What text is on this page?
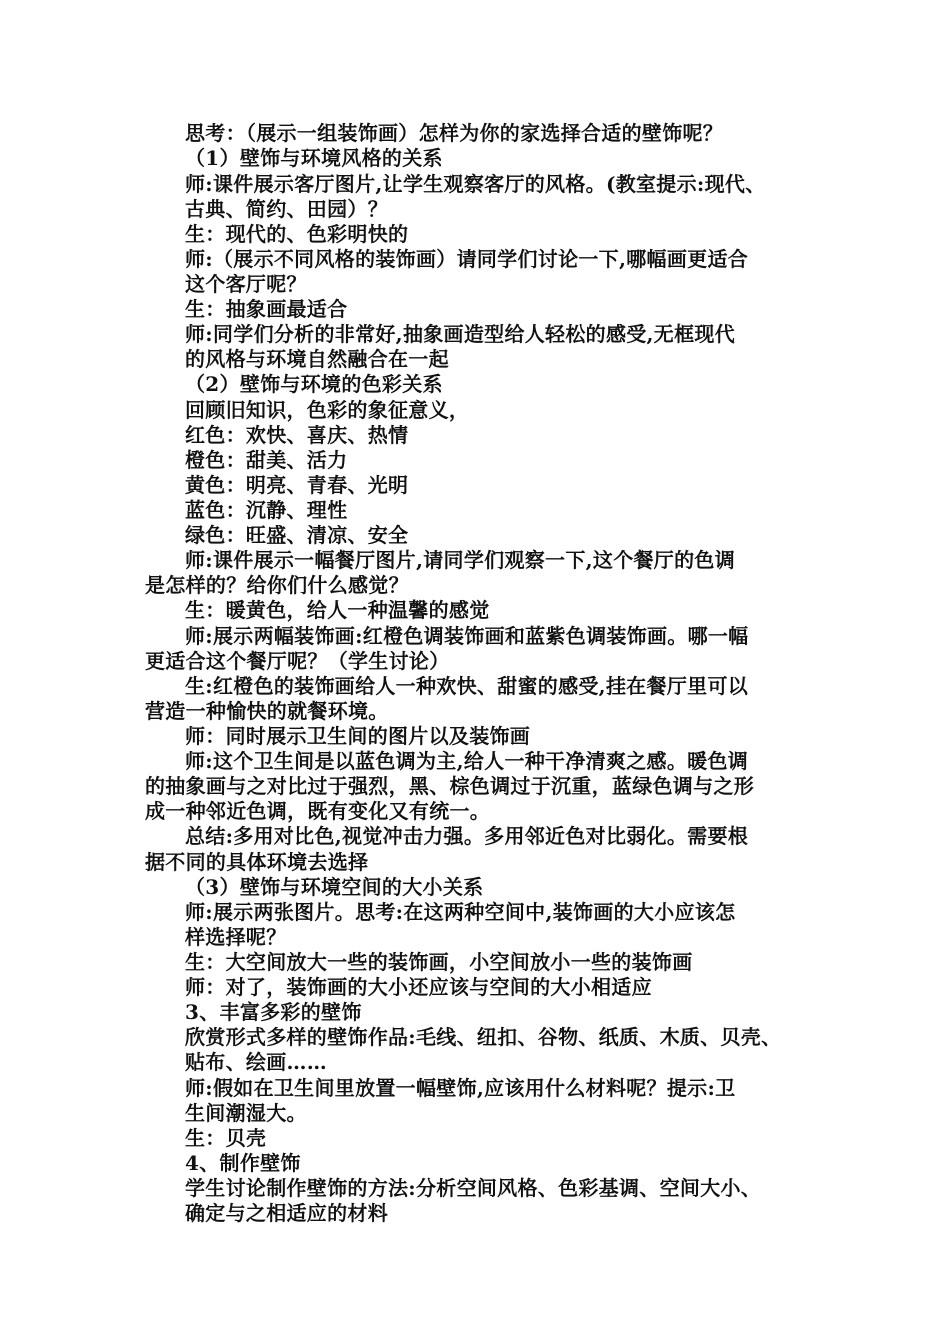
思考：（展示一组装饰画）怎样为你的家选择合适的壁饰呢？
（1）壁饰与环境风格的关系
师:课件展示客厅图片,让学生观察客厅的风格。(教室提示:现代、
古典、简约、田园）？
生：现代的、色彩明快的
师:（展示不同风格的装饰画）请同学们讨论一下,哪幅画更适合
这个客厅呢？
生：抽象画最适合
师:同学们分析的非常好,抽象画造型给人轻松的感受,无框现代
的风格与环境自然融合在一起
（2）壁饰与环境的色彩关系
回顾旧知识，色彩的象征意义，
红色：欢快、喜庆、热情
橙色：甜美、活力
黄色：明亮、青春、光明
蓝色：沉静、理性
绿色：旺盛、清凉、安全
师:课件展示一幅餐厅图片,请同学们观察一下,这个餐厅的色调
是怎样的？给你们什么感觉？
生：暖黄色，给人一种温馨的感觉
师:展示两幅装饰画:红橙色调装饰画和蓝紫色调装饰画。哪一幅
更适合这个餐厅呢？（学生讨论）
生:红橙色的装饰画给人一种欢快、甜蜜的感受,挂在餐厅里可以
营造一种愉快的就餐环境。
师：同时展示卫生间的图片以及装饰画
师:这个卫生间是以蓝色调为主,给人一种干净清爽之感。暖色调
的抽象画与之对比过于强烈，黑、棕色调过于沉重，蓝绿色调与之形
成一种邻近色调，既有变化又有统一。
总结:多用对比色,视觉冲击力强。多用邻近色对比弱化。需要根
据不同的具体环境去选择
（3）壁饰与环境空间的大小关系
师:展示两张图片。思考:在这两种空间中,装饰画的大小应该怎
样选择呢？
生：大空间放大一些的装饰画，小空间放小一些的装饰画
师：对了，装饰画的大小还应该与空间的大小相适应
3、丰富多彩的壁饰
欣赏形式多样的壁饰作品:毛线、纽扣、谷物、纸质、木质、贝壳、
贴布、绘画……
师:假如在卫生间里放置一幅壁饰,应该用什么材料呢？提示:卫
生间潮湿大。
生：贝壳
4、制作壁饰
学生讨论制作壁饰的方法:分析空间风格、色彩基调、空间大小、
确定与之相适应的材料
